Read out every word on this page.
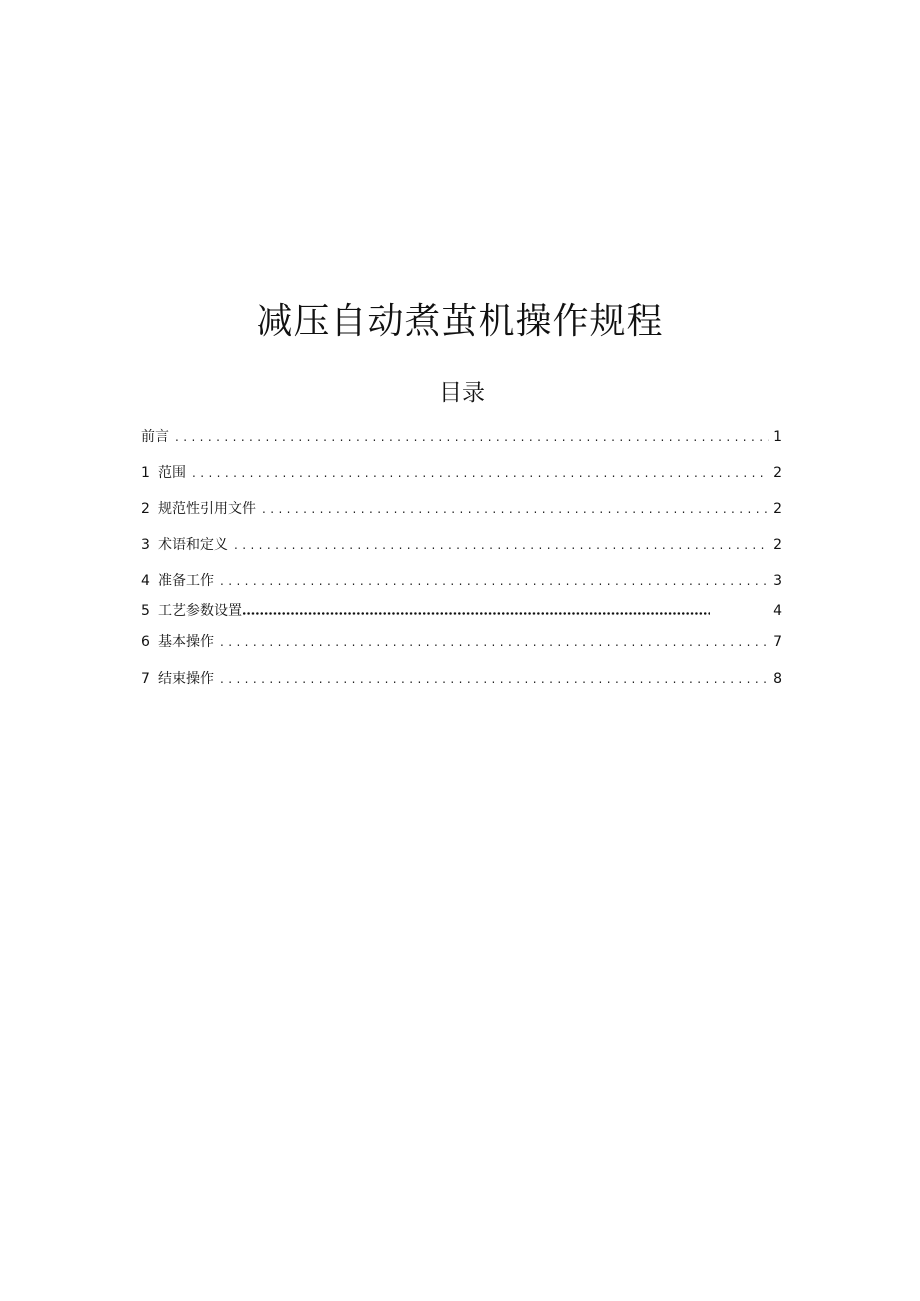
减压自动煮茧机操作规程
目录
前言 . . .	1
1 范围 . . .	2
2 规范性引用文件 . . .	2
3 术语和定义 . . .	2
4 准备工作 . . .	3
5 工艺参数设置	4
6 基本操作 . . .	7
7 结束操作 . . .	8
